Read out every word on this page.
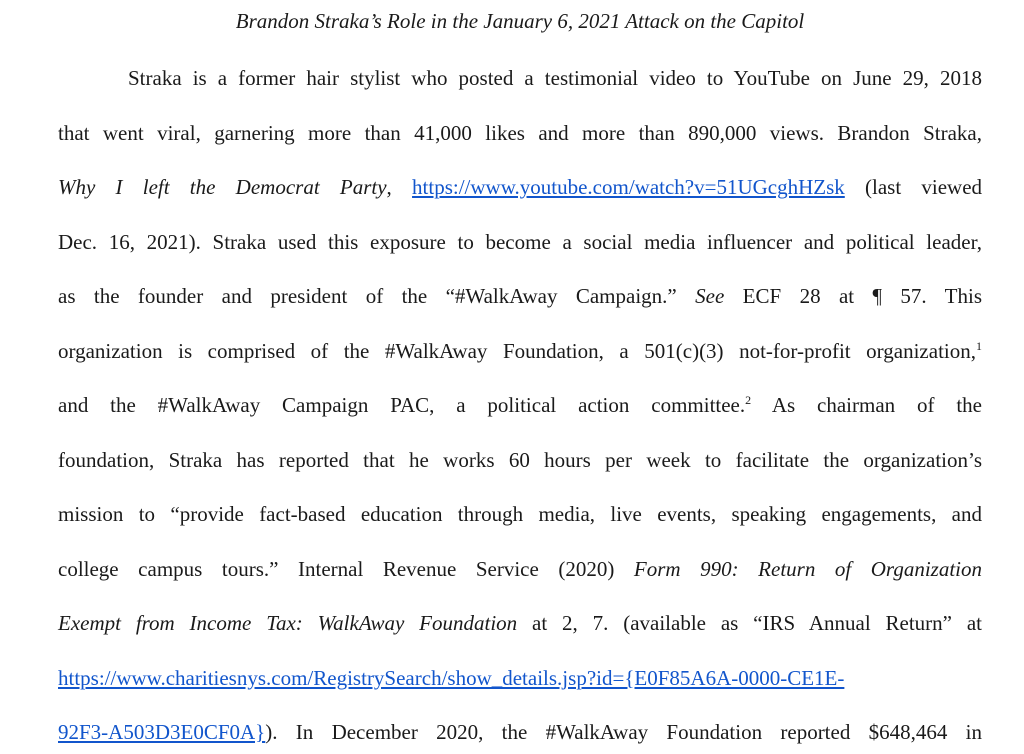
Brandon Straka’s Role in the January 6, 2021 Attack on the Capitol
Straka is a former hair stylist who posted a testimonial video to YouTube on June 29, 2018
that went viral, garnering more than 41,000 likes and more than 890,000 views. Brandon Straka,
Why I left the Democrat Party, https://www.youtube.com/watch?v=51UGcghHZsk (last viewed
Dec. 16, 2021). Straka used this exposure to become a social media influencer and political leader,
as the founder and president of the “#WalkAway Campaign.” See ECF 28 at ¶ 57. This
organization is comprised of the #WalkAway Foundation, a 501(c)(3) not-for-profit organization,$^1$
and the #WalkAway Campaign PAC, a political action committee.$^2$ As chairman of the
foundation, Straka has reported that he works 60 hours per week to facilitate the organization’s
mission to “provide fact-based education through media, live events, speaking engagements, and
college campus tours.” Internal Revenue Service (2020) Form 990: Return of Organization
Exempt from Income Tax: WalkAway Foundation at 2, 7. (available as “IRS Annual Return” at
https://www.charitiesnys.com/RegistrySearch/show_details.jsp?id={E0F85A6A-0000-CE1E-
92F3-A503D3E0CF0A}). In December 2020, the #WalkAway Foundation reported $648,464 in
